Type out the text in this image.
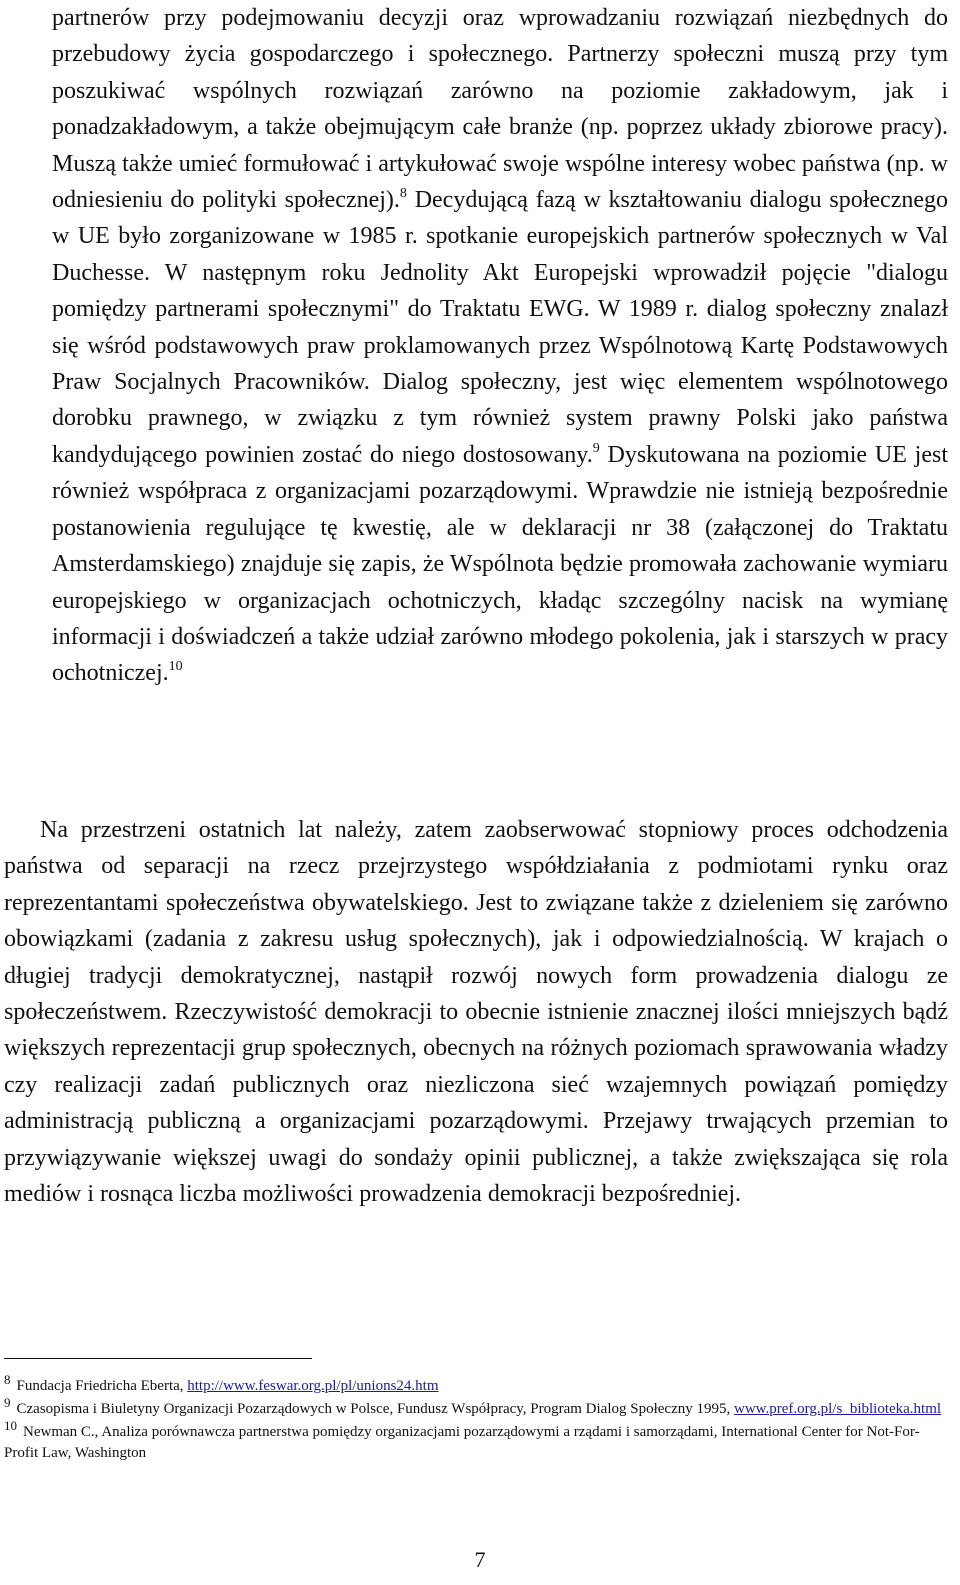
partnerów przy podejmowaniu decyzji oraz wprowadzaniu rozwiązań niezbędnych do przebudowy życia gospodarczego i społecznego. Partnerzy społeczni muszą przy tym poszukiwać wspólnych rozwiązań zarówno na poziomie zakładowym, jak i ponadzakładowym, a także obejmującym całe branże (np. poprzez układy zbiorowe pracy). Muszą także umieć formułować i artykułować swoje wspólne interesy wobec państwa (np. w odniesieniu do polityki społecznej).$^8$ Decydującą fazą w kształtowaniu dialogu społecznego w UE było zorganizowane w 1985 r. spotkanie europejskich partnerów społecznych w Val Duchesse. W następnym roku Jednolity Akt Europejski wprowadził pojęcie "dialogu pomiędzy partnerami społecznymi" do Traktatu EWG. W 1989 r. dialog społeczny znalazł się wśród podstawowych praw proklamowanych przez Wspólnotową Kartę Podstawowych Praw Socjalnych Pracowników. Dialog społeczny, jest więc elementem wspólnotowego dorobku prawnego, w związku z tym również system prawny Polski jako państwa kandydującego powinien zostać do niego dostosowany.$^9$ Dyskutowana na poziomie UE jest również współpraca z organizacjami pozarządowymi. Wprawdzie nie istnieją bezpośrednie postanowienia regulujące tę kwestię, ale w deklaracji nr 38 (załączonej do Traktatu Amsterdamskiego) znajduje się zapis, że Wspólnota będzie promowała zachowanie wymiaru europejskiego w organizacjach ochotniczych, kładąc szczególny nacisk na wymianę informacji i doświadczeń a także udział zarówno młodego pokolenia, jak i starszych w pracy ochotniczej.$^{10}$

Na przestrzeni ostatnich lat należy, zatem zaobserwować stopniowy proces odchodzenia państwa od separacji na rzecz przejrzystego współdziałania z podmiotami rynku oraz reprezentantami społeczeństwa obywatelskiego. Jest to związane także z dzieleniem się zarówno obowiązkami (zadania z zakresu usług społecznych), jak i odpowiedzialnością. W krajach o długiej tradycji demokratycznej, nastąpił rozwój nowych form prowadzenia dialogu ze społeczeństwem. Rzeczywistość demokracji to obecnie istnienie znacznej ilości mniejszych bądź większych reprezentacji grup społecznych, obecnych na różnych poziomach sprawowania władzy czy realizacji zadań publicznych oraz niezliczona sieć wzajemnych powiązań pomiędzy administracją publiczną a organizacjami pozarządowymi. Przejawy trwających przemian to przywiązywanie większej uwagi do sondaży opinii publicznej, a także zwiększająca się rola mediów i rosnąca liczba możliwości prowadzenia demokracji bezpośredniej.

$^8$ Fundacja Friedricha Eberta, http://www.feswar.org.pl/pl/unions24.htm

$^9$ Czasopisma i Biuletyny Organizacji Pozarządowych w Polsce, Fundusz Współpracy, Program Dialog Społeczny 1995, www.pref.org.pl/s_biblioteka.html

$^{10}$ Newman C., Analiza porównawcza partnerstwa pomiędzy organizacjami pozarządowymi a rządami i samorządami, International Center for Not-For-Profit Law, Washington

7
